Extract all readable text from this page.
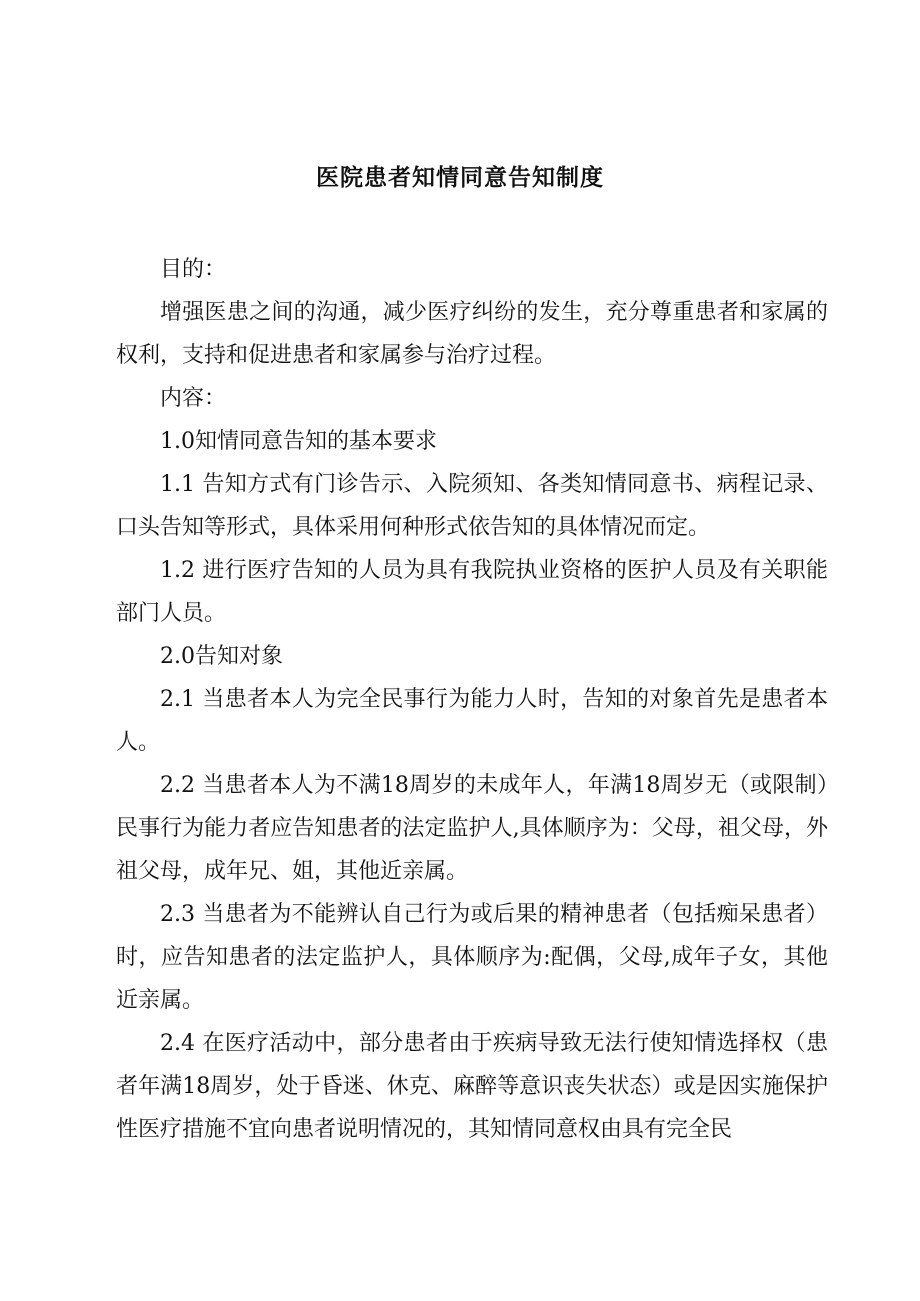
医院患者知情同意告知制度

目的：

增强医患之间的沟通，减少医疗纠纷的发生，充分尊重患者和家属的权利，支持和促进患者和家属参与治疗过程。

内容：

1.0知情同意告知的基本要求

1.1 告知方式有门诊告示、入院须知、各类知情同意书、病程记录、口头告知等形式，具体采用何种形式依告知的具体情况而定。

1.2 进行医疗告知的人员为具有我院执业资格的医护人员及有关职能部门人员。

2.0告知对象

2.1 当患者本人为完全民事行为能力人时，告知的对象首先是患者本人。

2.2 当患者本人为不满18周岁的未成年人，年满18周岁无（或限制）民事行为能力者应告知患者的法定监护人,具体顺序为：父母，祖父母，外祖父母，成年兄、姐，其他近亲属。

2.3 当患者为不能辨认自己行为或后果的精神患者（包括痴呆患者）时，应告知患者的法定监护人，具体顺序为:配偶，父母,成年子女，其他近亲属。

2.4 在医疗活动中，部分患者由于疾病导致无法行使知情选择权（患者年满18周岁，处于昏迷、休克、麻醉等意识丧失状态）或是因实施保护性医疗措施不宜向患者说明情况的，其知情同意权由具有完全民
